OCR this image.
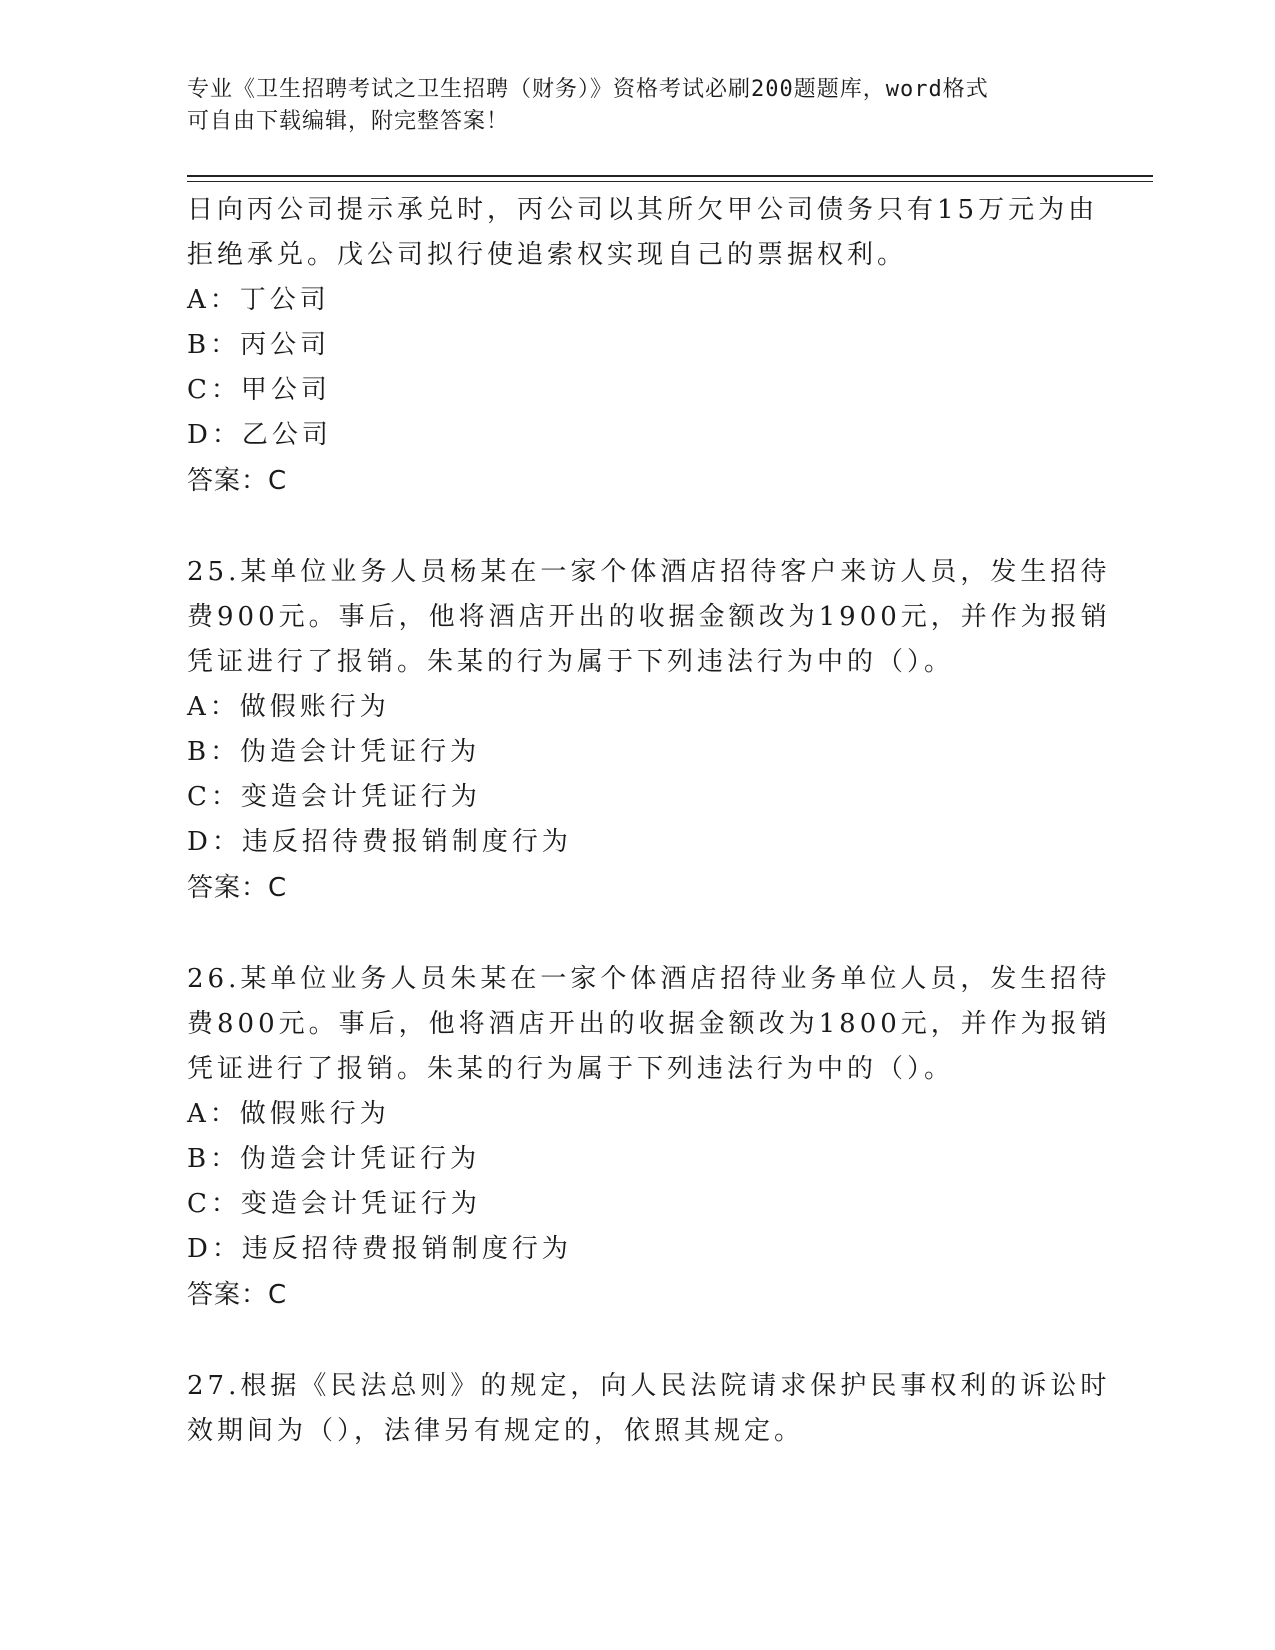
专业《卫生招聘考试之卫生招聘（财务）》资格考试必刷200题题库，word格式
可自由下载编辑，附完整答案！
日向丙公司提示承兑时，丙公司以其所欠甲公司债务只有15万元为由
拒绝承兑。戊公司拟行使追索权实现自己的票据权利。
A：丁公司
B：丙公司
C：甲公司
D：乙公司
答案：C
25.某单位业务人员杨某在一家个体酒店招待客户来访人员，发生招待
费900元。事后，他将酒店开出的收据金额改为1900元，并作为报销
凭证进行了报销。朱某的行为属于下列违法行为中的（）。
A：做假账行为
B：伪造会计凭证行为
C：变造会计凭证行为
D：违反招待费报销制度行为
答案：C
26.某单位业务人员朱某在一家个体酒店招待业务单位人员，发生招待
费800元。事后，他将酒店开出的收据金额改为1800元，并作为报销
凭证进行了报销。朱某的行为属于下列违法行为中的（）。
A：做假账行为
B：伪造会计凭证行为
C：变造会计凭证行为
D：违反招待费报销制度行为
答案：C
27.根据《民法总则》的规定，向人民法院请求保护民事权利的诉讼时
效期间为（），法律另有规定的，依照其规定。
